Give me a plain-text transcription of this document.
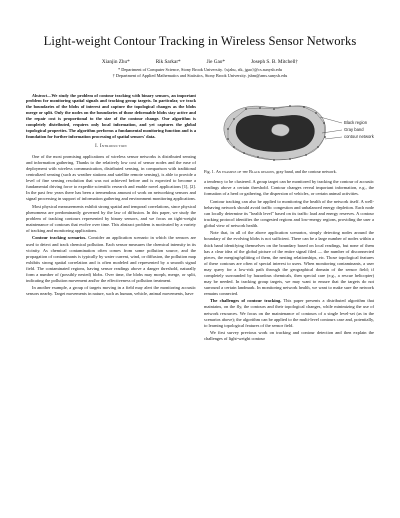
Light-weight Contour Tracking in Wireless Sensor Networks
Xianjin Zhu*	Rik Sarkar*	Jie Gao*	Joseph S. B. Mitchell†
* Department of Computer Science, Stony Brook University. {xjzhu, rik, jgao}@cs.sunysb.edu
† Department of Applied Mathematics and Statistics, Stony Brook University. jsbm@ams.sunysb.edu
Abstract—We study the problem of contour tracking with binary sensors, an important problem for monitoring spatial signals and tracking group targets. In particular, we track the boundaries of the blobs of interest and capture the topological changes as the blobs merge or split. Only the nodes on the boundaries of those deformable blobs stay active and the repair cost is proportional to the size of the contour change. Our algorithm is completely distributed, requires only local information, and yet captures the global topological properties. The algorithm performs a fundamental monitoring function and is a foundation for further information processing of spatial sensors' data.
I. Introduction

One of the most promising applications of wireless sensor networks is distributed sensing and information gathering. Thanks to the relatively low cost of sensor nodes and the ease of deployment with wireless communication, distributed sensing, in comparison with traditional centralized sensing (such as weather stations and satellite remote sensing), is able to provide a level of fine sensing resolution that was not achieved before and is expected to become a fundamental driving force to expedite scientific research and enable novel applications [1], [2]. In the past few years there has been a tremendous amount of work on networking sensors and signal processing in support of information gathering and environment monitoring applications.

Most physical measurements exhibit strong spatial and temporal correlations, since physical phenomena are predominantly governed by the law of diffusion. In this paper, we study the problem of tracking contours represented by binary sensors, and we focus on tight-weight maintenance of contours that evolve over time. This abstract problem is motivated by a variety of tracking and monitoring applications.

Contour tracking scenarios. Consider an application scenario in which the sensors are used to detect and track chemical pollution. Each sensor measures the chemical intensity in its vicinity. As chemical contamination often comes from some pollution source, and the propagation of contaminants is typically by water current, wind, or diffusion, the pollution map exhibits strong spatial correlation and is often modeled and represented by a smooth signal field. The contaminated regions, having sensor readings above a danger threshold, naturally form a number of (possibly nested) blobs. Over time, the blobs may morph, merge, or split, indicating the pollution movement and/or the effectiveness of pollution treatment.

In another example, a group of targets moving in a field may alert the monitoring acoustic sensors nearby. Target movements in nature, such as human, vehicle, animal movements, have

Black region
Gray band
contour network
Fig. 1. An example of the Black regions, gray band, and the contour network.

a tendency to be clustered. A group target can be monitored by tracking the contour of acoustic readings above a certain threshold. Contour changes reveal important information, e.g., the formation of a herd or gathering, the dispersion of vehicles, or certain animal activities.

Contour tracking can also be applied to monitoring the health of the network itself. A well-behaving network should avoid traffic congestion and unbalanced energy depletion. Each node can locally determine its "health level" based on its traffic load and energy reserves. A contour tracking protocol identifies the congested regions and low-energy regions, providing the user a global view of network health.

Note that, in all of the above application scenarios, simply detecting nodes around the boundary of the evolving blobs is not sufficient. There can be a large number of nodes within a thick band identifying themselves on the boundary based on local readings, but none of them has a clear idea of the global picture of the entire signal filed — the number of disconnected pieces, the merging/splitting of them, the nesting relationships, etc. Those topological features of these contours are often of special interest to users. When monitoring contaminants, a user may query for a low-risk path through the geographical domain of the sensor field; if completely surrounded by hazardous chemicals, then special care (e.g., a rescue helicopter) may be needed. In tracking group targets, we may want to ensure that the targets do not surround a certain landmark. In monitoring network health, we want to make sure the network remains connected.

The challenges of contour tracking. This paper presents a distributed algorithm that maintains, on the fly, the contours and their topological changes, while minimizing the use of network resources. We focus on the maintenance of contours of a single level-set (as in the scenarios above); the algorithm can be applied to the multi-level contours case and, potentially, to learning topological features of the sensor field.

We first survey previous work on tracking and contour detection and then explain the challenges of light-weight contour
